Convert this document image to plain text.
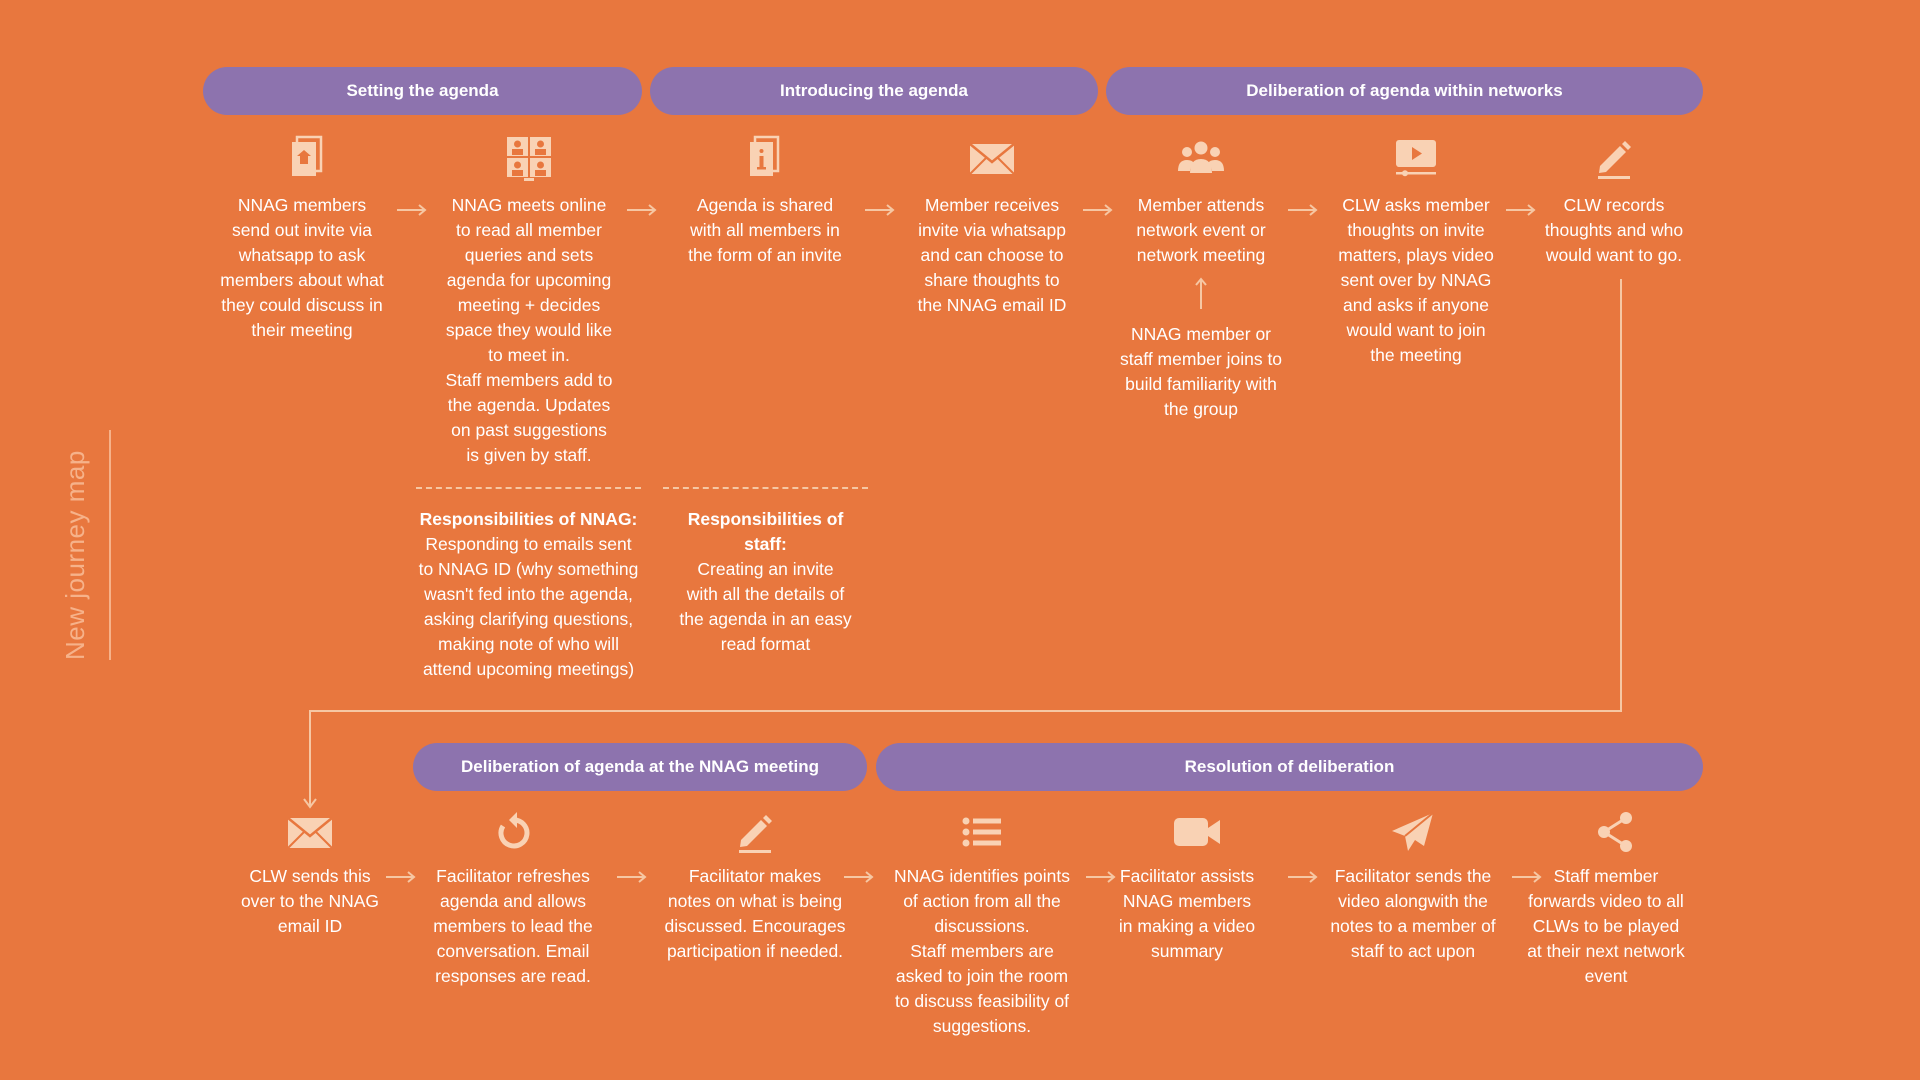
New journey map
Setting the agenda	Introducing the agenda	Deliberation of agenda within networks
NNAG members
send out invite via
whatsapp to ask
members about what
they could discuss in
their meeting
NNAG meets online
to read all member
queries and sets
agenda for upcoming
meeting + decides
space they would like
to meet in.
Staff members add to
the agenda. Updates
on past suggestions
is given by staff.
Agenda is shared
with all members in
the form of an invite
Member receives
invite via whatsapp
and can choose to
share thoughts to
the NNAG email ID
Member attends
network event or
network meeting
CLW asks member
thoughts on invite
matters, plays video
sent over by NNAG
and asks if anyone
would want to join
the meeting
CLW records
thoughts and who
would want to go.
NNAG member or
staff member joins to
build familiarity with
the group
Responsibilities of NNAG:
Responding to emails sent
to NNAG ID (why something
wasn't fed into the agenda,
asking clarifying questions,
making note of who will
attend upcoming meetings)
Responsibilities of
staff:
Creating an invite
with all the details of
the agenda in an easy
read format
Deliberation of agenda at the NNAG meeting	Resolution of deliberation
CLW sends this
over to the NNAG
email ID
Facilitator refreshes
agenda and allows
members to lead the
conversation. Email
responses are read.
Facilitator makes
notes on what is being
discussed. Encourages
participation if needed.
NNAG identifies points
of action from all the
discussions.
Staff members are
asked to join the room
to discuss feasibility of
suggestions.
Facilitator assists
NNAG members
in making a video
summary
Facilitator sends the
video alongwith the
notes to a member of
staff to act upon
Staff member
forwards video to all
CLWs to be played
at their next network
event
